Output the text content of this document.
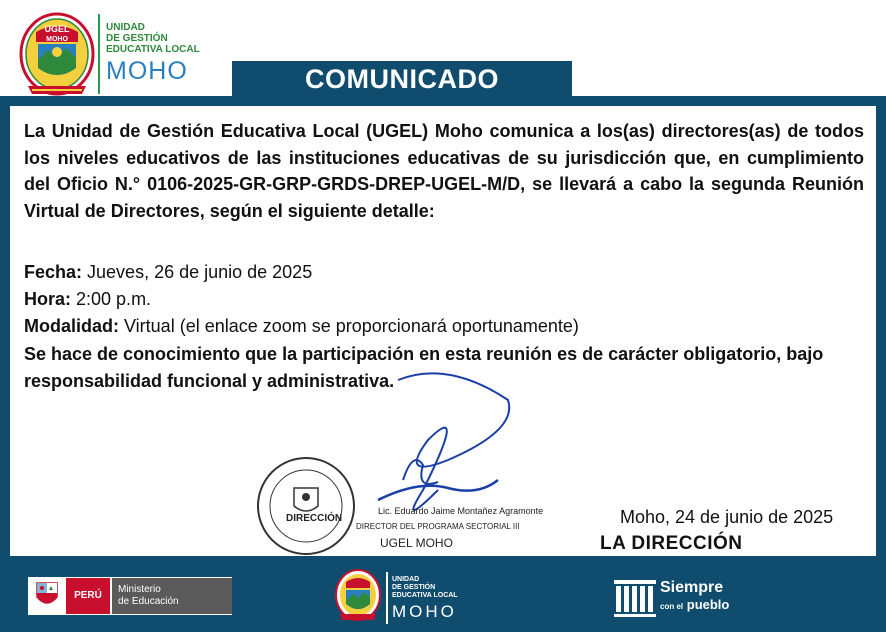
UGEL
MOHO
UNIDAD
DE GESTIÓN
EDUCATIVA LOCAL
MOHO	COMUNICADO

La Unidad de Gestión Educativa Local (UGEL) Moho comunica a los(as) directores(as) de todos los niveles educativos de las instituciones educativas de su jurisdicción que, en cumplimiento del Oficio N.° 0106-2025-GR-GRP-GRDS-DREP-UGEL-M/D, se llevará a cabo la segunda Reunión Virtual de Directores, según el siguiente detalle:

Fecha: Jueves, 26 de junio de 2025
Hora: 2:00 p.m.
Modalidad: Virtual (el enlace zoom se proporcionará oportunamente)

Se hace de conocimiento que la participación en esta reunión es de carácter obligatorio, bajo responsabilidad funcional y administrativa.

DIRECCIÓN
Lic. Eduardo Jaime Montañez Agramonte
DIRECTOR DEL PROGRAMA SECTORIAL III
UGEL MOHO
Moho, 24 de junio de 2025
LA DIRECCIÓN
PERÚ
Ministerio
de Educación
UNIDAD
DE GESTIÓN
EDUCATIVA LOCAL
MOHO
Siempre
con el pueblo
